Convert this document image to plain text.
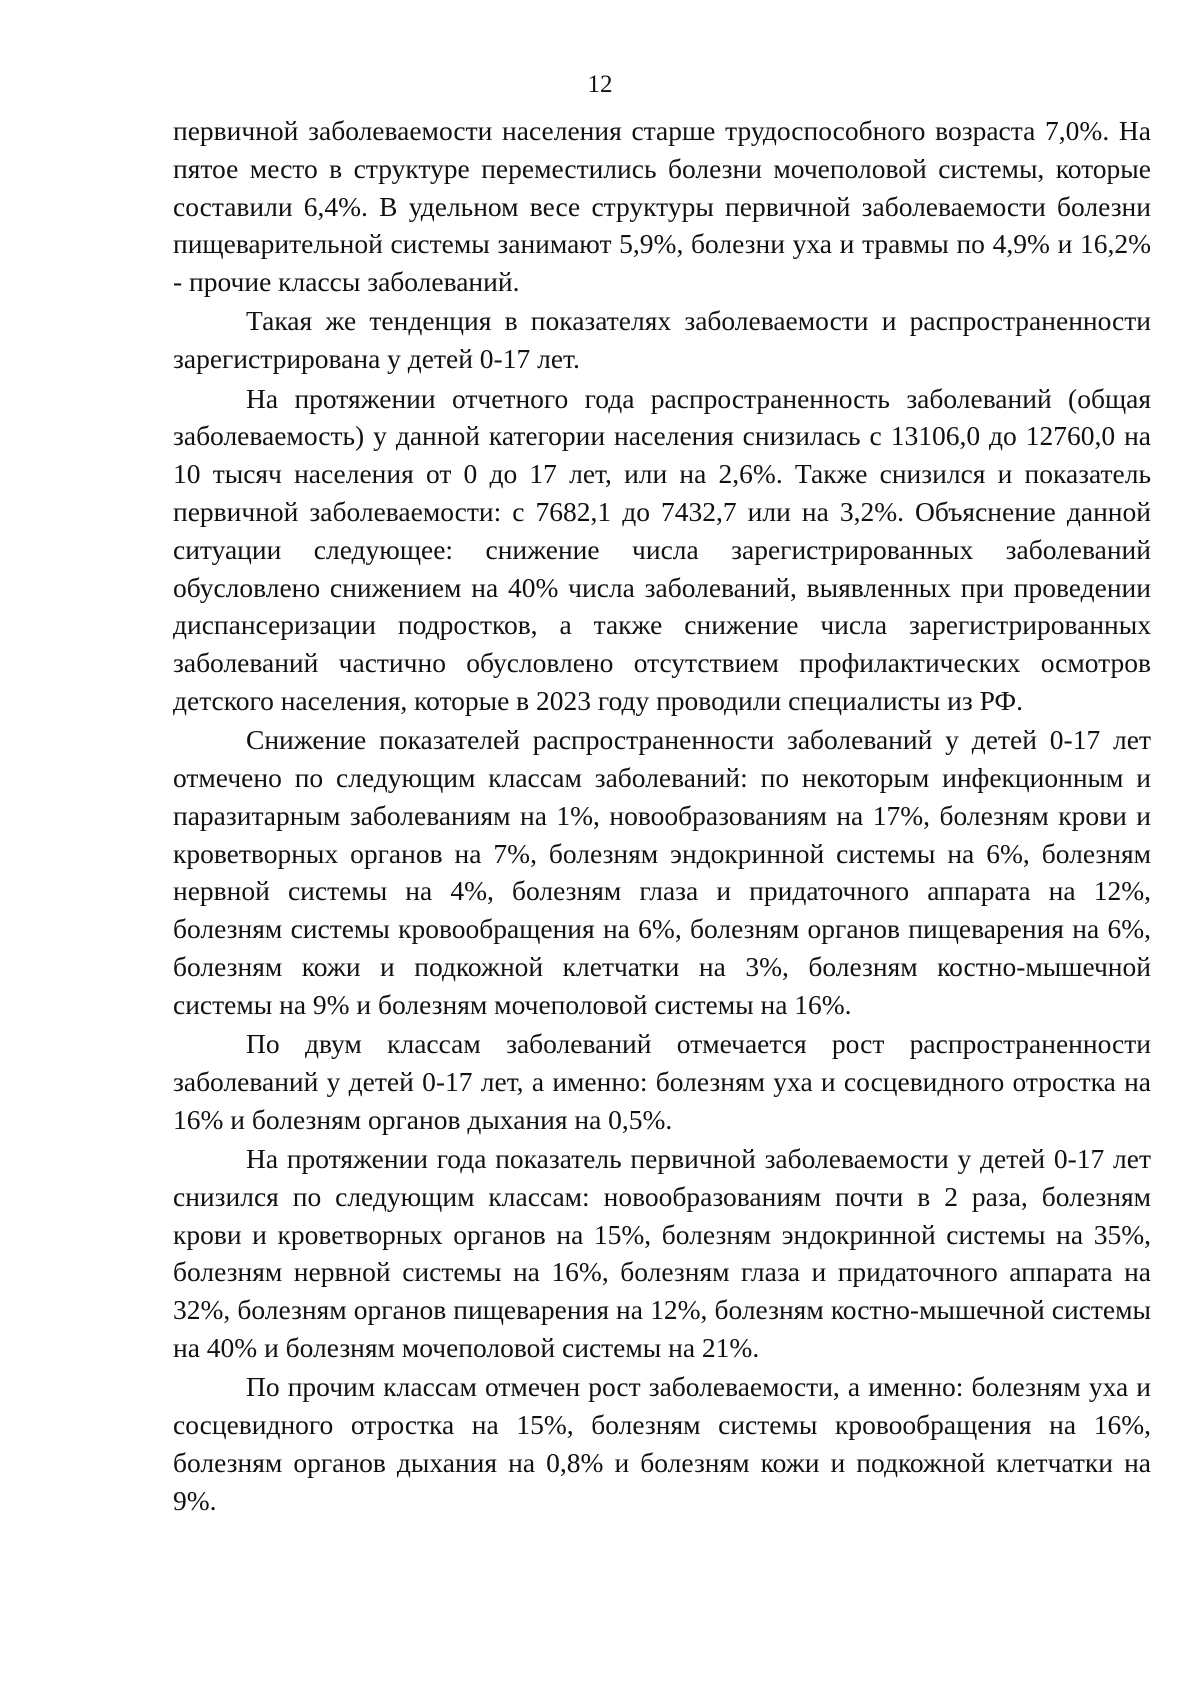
12

первичной заболеваемости населения старше трудоспособного возраста 7,0%. На пятое место в структуре переместились болезни мочеполовой системы, которые составили 6,4%. В удельном весе структуры первичной заболеваемости болезни пищеварительной системы занимают 5,9%, болезни уха и травмы по 4,9% и 16,2% - прочие классы заболеваний.

Такая же тенденция в показателях заболеваемости и распространенности зарегистрирована у детей 0-17 лет.

На протяжении отчетного года распространенность заболеваний (общая заболеваемость) у данной категории населения снизилась с 13106,0 до 12760,0 на 10 тысяч населения от 0 до 17 лет, или на 2,6%. Также снизился и показатель первичной заболеваемости: с 7682,1 до 7432,7 или на 3,2%. Объяснение данной ситуации следующее: снижение числа зарегистрированных заболеваний обусловлено снижением на 40% числа заболеваний, выявленных при проведении диспансеризации подростков, а также снижение числа зарегистрированных заболеваний частично обусловлено отсутствием профилактических осмотров детского населения, которые в 2023 году проводили специалисты из РФ.

Снижение показателей распространенности заболеваний у детей 0-17 лет отмечено по следующим классам заболеваний: по некоторым инфекционным и паразитарным заболеваниям на 1%, новообразованиям на 17%, болезням крови и кроветворных органов на 7%, болезням эндокринной системы на 6%, болезням нервной системы на 4%, болезням глаза и придаточного аппарата на 12%, болезням системы кровообращения на 6%, болезням органов пищеварения на 6%, болезням кожи и подкожной клетчатки на 3%, болезням костно-мышечной системы на 9% и болезням мочеполовой системы на 16%.

По двум классам заболеваний отмечается рост распространенности заболеваний у детей 0-17 лет, а именно: болезням уха и сосцевидного отростка на 16% и болезням органов дыхания на 0,5%.

На протяжении года показатель первичной заболеваемости у детей 0-17 лет снизился по следующим классам: новообразованиям почти в 2 раза, болезням крови и кроветворных органов на 15%, болезням эндокринной системы на 35%, болезням нервной системы на 16%, болезням глаза и придаточного аппарата на 32%, болезням органов пищеварения на 12%, болезням костно-мышечной системы на 40% и болезням мочеполовой системы на 21%.

По прочим классам отмечен рост заболеваемости, а именно: болезням уха и сосцевидного отростка на 15%, болезням системы кровообращения на 16%, болезням органов дыхания на 0,8% и болезням кожи и подкожной клетчатки на 9%.
